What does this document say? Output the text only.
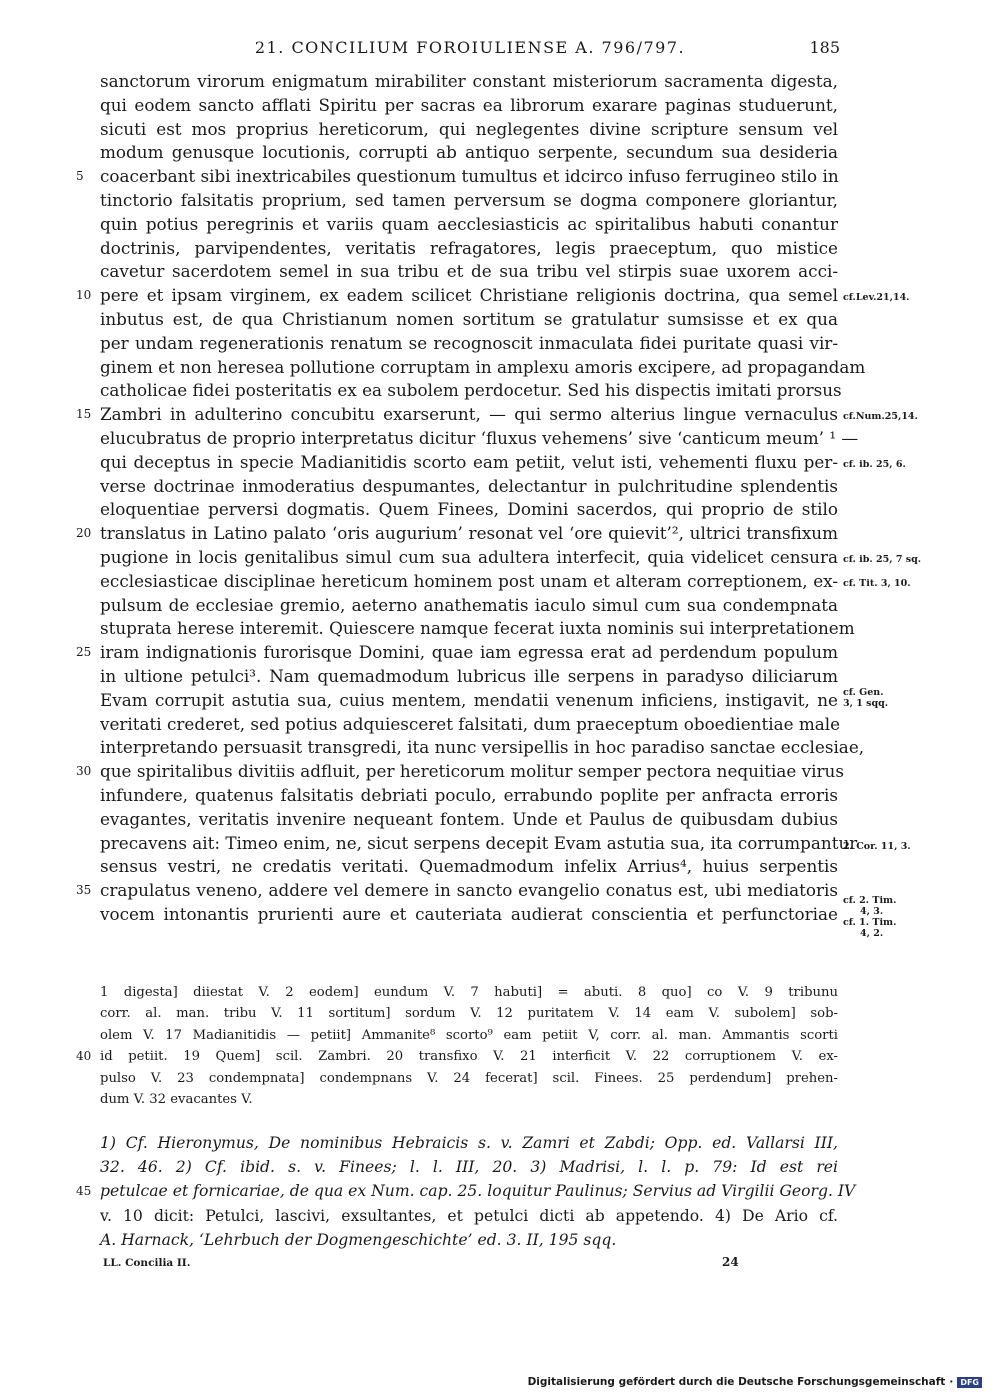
21. CONCILIUM FOROIULIENSE A. 796/797.	185
sanctorum virorum enigmatum mirabiliter constant misteriorum sacramenta digesta,
qui eodem sancto afflati Spiritu per sacras ea librorum exarare paginas studuerunt,
sicuti est mos proprius hereticorum, qui neglegentes divine scripture sensum vel
modum genusque locutionis, corrupti ab antiquo serpente, secundum sua desideria
5 coacerbant sibi inextricabiles questionum tumultus et idcirco infuso ferrugineo stilo in
tinctorio falsitatis proprium, sed tamen perversum se dogma componere gloriantur,
quin potius peregrinis et variis quam aecclesiasticis ac spiritalibus habuti conantur
doctrinis, parvipendentes, veritatis refragatores, legis praeceptum, quo mistice
cavetur sacerdotem semel in sua tribu et de sua tribu vel stirpis suae uxorem acci-
10 pere et ipsam virginem, ex eadem scilicet Christiane religionis doctrina, qua semel
inbutus est, de qua Christianum nomen sortitum se gratulatur sumsisse et ex qua
per undam regenerationis renatum se recognoscit inmaculata fidei puritate quasi vir-
ginem et non heresea pollutione corruptam in amplexu amoris excipere, ad propagandam
catholicae fidei posteritatis ex ea subolem perdocetur. Sed his dispectis imitati prorsus
15 Zambri in adulterino concubitu exarserunt, — qui sermo alterius lingue vernaculus
elucubratus de proprio interpretatus dicitur ‘fluxus vehemens’ sive ‘canticum meum’ ¹ —
qui deceptus in specie Madianitidis scorto eam petiit, velut isti, vehementi fluxu per-
verse doctrinae inmoderatius despumantes, delectantur in pulchritudine splendentis
eloquentiae perversi dogmatis. Quem Finees, Domini sacerdos, qui proprio de stilo
20 translatus in Latino palato ‘oris augurium’ resonat vel ‘ore quievit’², ultrici transfixum
pugione in locis genitalibus simul cum sua adultera interfecit, quia videlicet censura
ecclesiasticae disciplinae hereticum hominem post unam et alteram correptionem, ex-
pulsum de ecclesiae gremio, aeterno anathematis iaculo simul cum sua condempnata
stuprata herese interemit. Quiescere namque fecerat iuxta nominis sui interpretationem
25 iram indignationis furorisque Domini, quae iam egressa erat ad perdendum populum
in ultione petulci³. Nam quemadmodum lubricus ille serpens in paradyso diliciarum
Evam corrupit astutia sua, cuius mentem, mendatii venenum inficiens, instigavit, ne
veritati crederet, sed potius adquiesceret falsitati, dum praeceptum oboedientiae male
interpretando persuasit transgredi, ita nunc versipellis in hoc paradiso sanctae ecclesiae,
30 que spiritalibus divitiis adfluit, per hereticorum molitur semper pectora nequitiae virus
infundere, quatenus falsitatis debriati poculo, errabundo poplite per anfracta erroris
evagantes, veritatis invenire nequeant fontem. Unde et Paulus de quibusdam dubius
precavens ait: Timeo enim, ne, sicut serpens decepit Evam astutia sua, ita corrumpantur
sensus vestri, ne credatis veritati. Quemadmodum infelix Arrius⁴, huius serpentis
35 crapulatus veneno, addere vel demere in sancto evangelio conatus est, ubi mediatoris
vocem intonantis prurienti aure et cauteriata audierat conscientia et perfunctoriae
cf.Lev.21,14.
cf.Num.25,14.
cf. ib. 25, 6.
cf. ib. 25, 7 sq.
cf. Tit. 3, 10.
cf. Gen.
3, 1 sqq.
2. Cor. 11, 3.
cf. 2. Tim.
4, 3.
cf. 1. Tim.
4, 2.
1 digesta] diiestat V. 2 eodem] eundum V. 7 habuti] = abuti. 8 quo] co V. 9 tribunu
corr. al. man. tribu V. 11 sortitum] sordum V. 12 puritatem V. 14 eam V. subolem] sob-
olem V. 17 Madianitidis — petiit] Ammanite⁸ scorto⁹ eam petiit V, corr. al. man. Ammantis scorti
40 id petiit. 19 Quem] scil. Zambri. 20 transfixo V. 21 interficit V. 22 corruptionem V. ex-
pulso V. 23 condempnata] condempnans V. 24 fecerat] scil. Finees. 25 perdendum] prehen-
dum V. 32 evacantes V.
1) Cf. Hieronymus, De nominibus Hebraicis s. v. Zamri et Zabdi; Opp. ed. Vallarsi III,
32. 46. 2) Cf. ibid. s. v. Finees; l. l. III, 20. 3) Madrisi, l. l. p. 79: Id est rei
45 petulcae et fornicariae, de qua ex Num. cap. 25. loquitur Paulinus; Servius ad Virgilii Georg. IV
v. 10 dicit: Petulci, lascivi, exsultantes, et petulci dicti ab appetendo. 4) De Ario cf.
A. Harnack, ‘Lehrbuch der Dogmengeschichte’ ed. 3. II, 195 sqq.
LL. Concilia II.	24
Digitalisierung gefördert durch die Deutsche Forschungsgemeinschaft · DFG
